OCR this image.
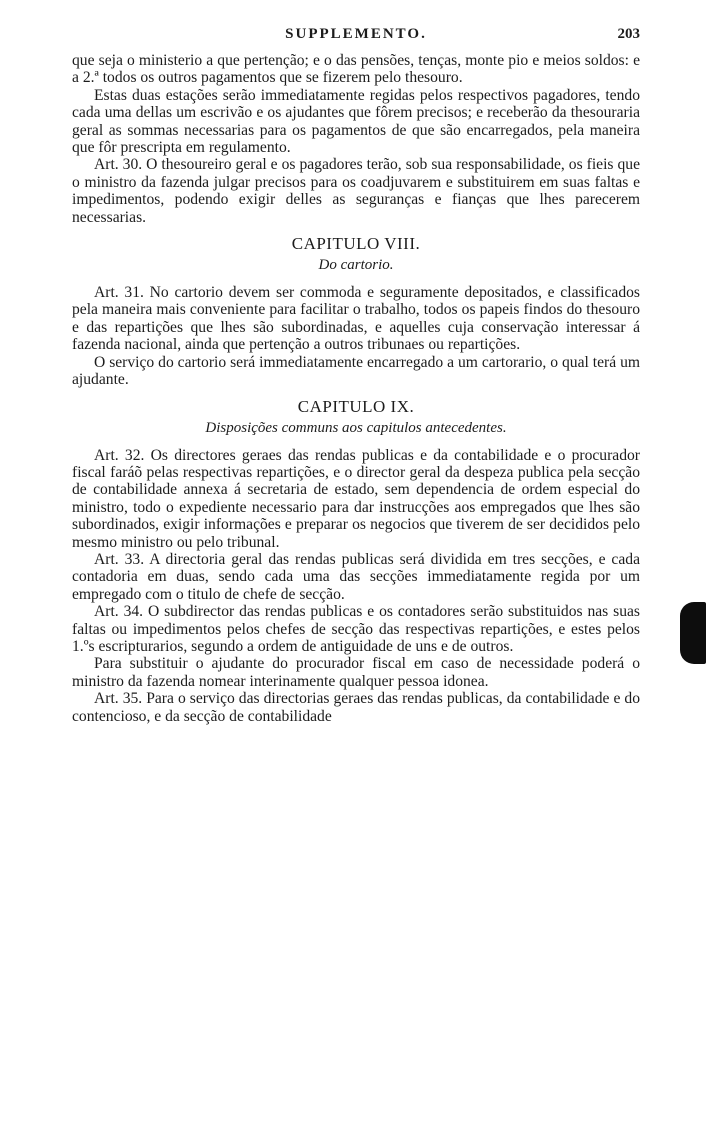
SUPPLEMENTO.	203

que seja o ministerio a que pertenção; e o das pensões, tenças, monte pio e meios soldos: e a 2.ª todos os outros pagamentos que se fizerem pelo thesouro.

Estas duas estações serão immediatamente regidas pelos respectivos pagadores, tendo cada uma dellas um escrivão e os ajudantes que fôrem precisos; e receberão da thesouraria geral as sommas necessarias para os pagamentos de que são encarregados, pela maneira que fôr prescripta em regulamento.

Art. 30. O thesoureiro geral e os pagadores terão, sob sua responsabilidade, os fieis que o ministro da fazenda julgar precisos para os coadjuvarem e substituirem em suas faltas e impedimentos, podendo exigir delles as seguranças e fianças que lhes parecerem necessarias.

CAPITULO VIII.
Do cartorio.

Art. 31. No cartorio devem ser commoda e seguramente depositados, e classificados pela maneira mais conveniente para facilitar o trabalho, todos os papeis findos do thesouro e das repartições que lhes são subordinadas, e aquelles cuja conservação interessar á fazenda nacional, ainda que pertenção a outros tribunaes ou repartições.

O serviço do cartorio será immediatamente encarregado a um cartorario, o qual terá um ajudante.

CAPITULO IX.
Disposições communs aos capitulos antecedentes.

Art. 32. Os directores geraes das rendas publicas e da contabilidade e o procurador fiscal faráõ pelas respectivas repartições, e o director geral da despeza publica pela secção de contabilidade annexa á secretaria de estado, sem dependencia de ordem especial do ministro, todo o expediente necessario para dar instrucções aos empregados que lhes são subordinados, exigir informações e preparar os negocios que tiverem de ser decididos pelo mesmo ministro ou pelo tribunal.

Art. 33. A directoria geral das rendas publicas será dividida em tres secções, e cada contadoria em duas, sendo cada uma das secções immediatamente regida por um empregado com o titulo de chefe de secção.

Art. 34. O subdirector das rendas publicas e os contadores serão substituidos nas suas faltas ou impedimentos pelos chefes de secção das respectivas repartições, e estes pelos 1.ºs escripturarios, segundo a ordem de antiguidade de uns e de outros.

Para substituir o ajudante do procurador fiscal em caso de necessidade poderá o ministro da fazenda nomear interinamente qualquer pessoa idonea.

Art. 35. Para o serviço das directorias geraes das rendas publicas, da contabilidade e do contencioso, e da secção de contabilidade
